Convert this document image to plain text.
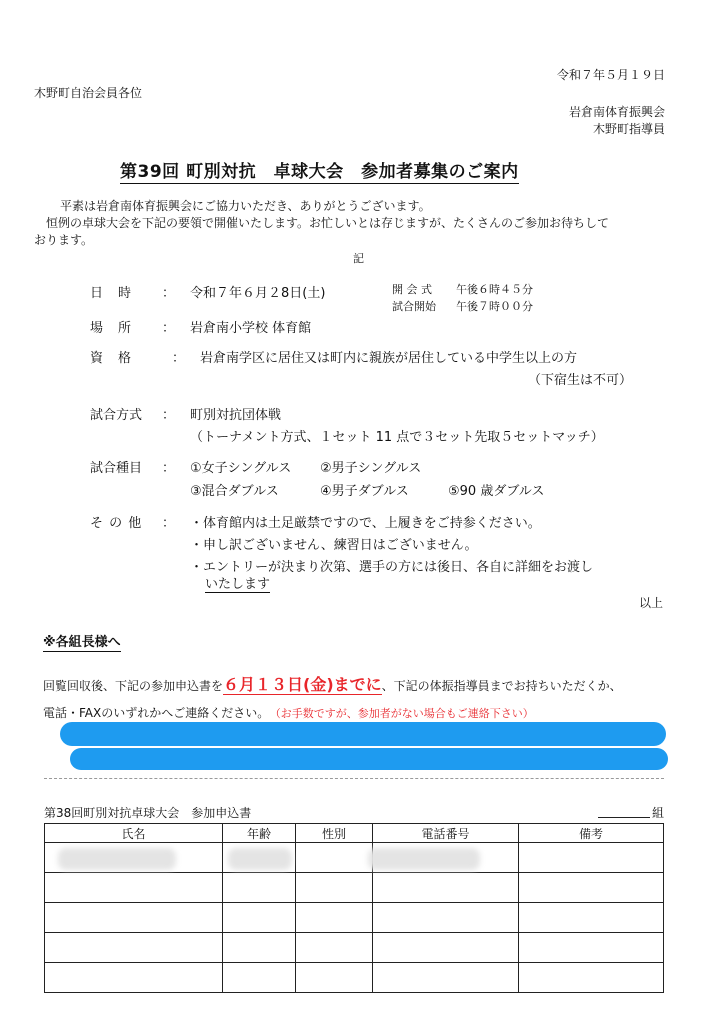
令和７年５月１９日
木野町自治会員各位
岩倉南体育振興会
木野町指導員
第39回 町別対抗　卓球大会　参加者募集のご案内
平素は岩倉南体育振興会にご協力いただき、ありがとうございます。
恒例の卓球大会を下記の要領で開催いたします。お忙しいとは存じますが、たくさんのご参加お待ちして
おります。
記
日　時 ： 令和７年６月２8日(土)	開 会 式 午後６時４５分
試合開始 午後７時００分
場　所 ： 岩倉南小学校 体育館
資　格	： 岩倉南学区に居住又は町内に親族が居住している中学生以上の方
（下宿生は不可）
試合方式 ： 町別対抗団体戦
（トーナメント方式、１セット 11 点で３セット先取５セットマッチ）
試合種目 ： ①女子シングルス ②男子シングルス
③混合ダブルス	④男子ダブルス	⑤90 歳ダブルス
そ の 他 ： ・体育館内は土足厳禁ですので、上履きをご持参ください。
・申し訳ございません、練習日はございません。
・エントリーが決まり次第、選手の方には後日、各自に詳細をお渡し
いたします
以上
※各組長様へ
回覧回収後、下記の参加申込書を６月１３日(金)までに、下記の体振指導員までお持ちいただくか、
電話・FAXのいずれかへご連絡ください。 （お手数ですが、参加者がない場合もご連絡下さい）
第38回町別対抗卓球大会　参加申込書	組
氏名	年齢	性別	電話番号	備考
